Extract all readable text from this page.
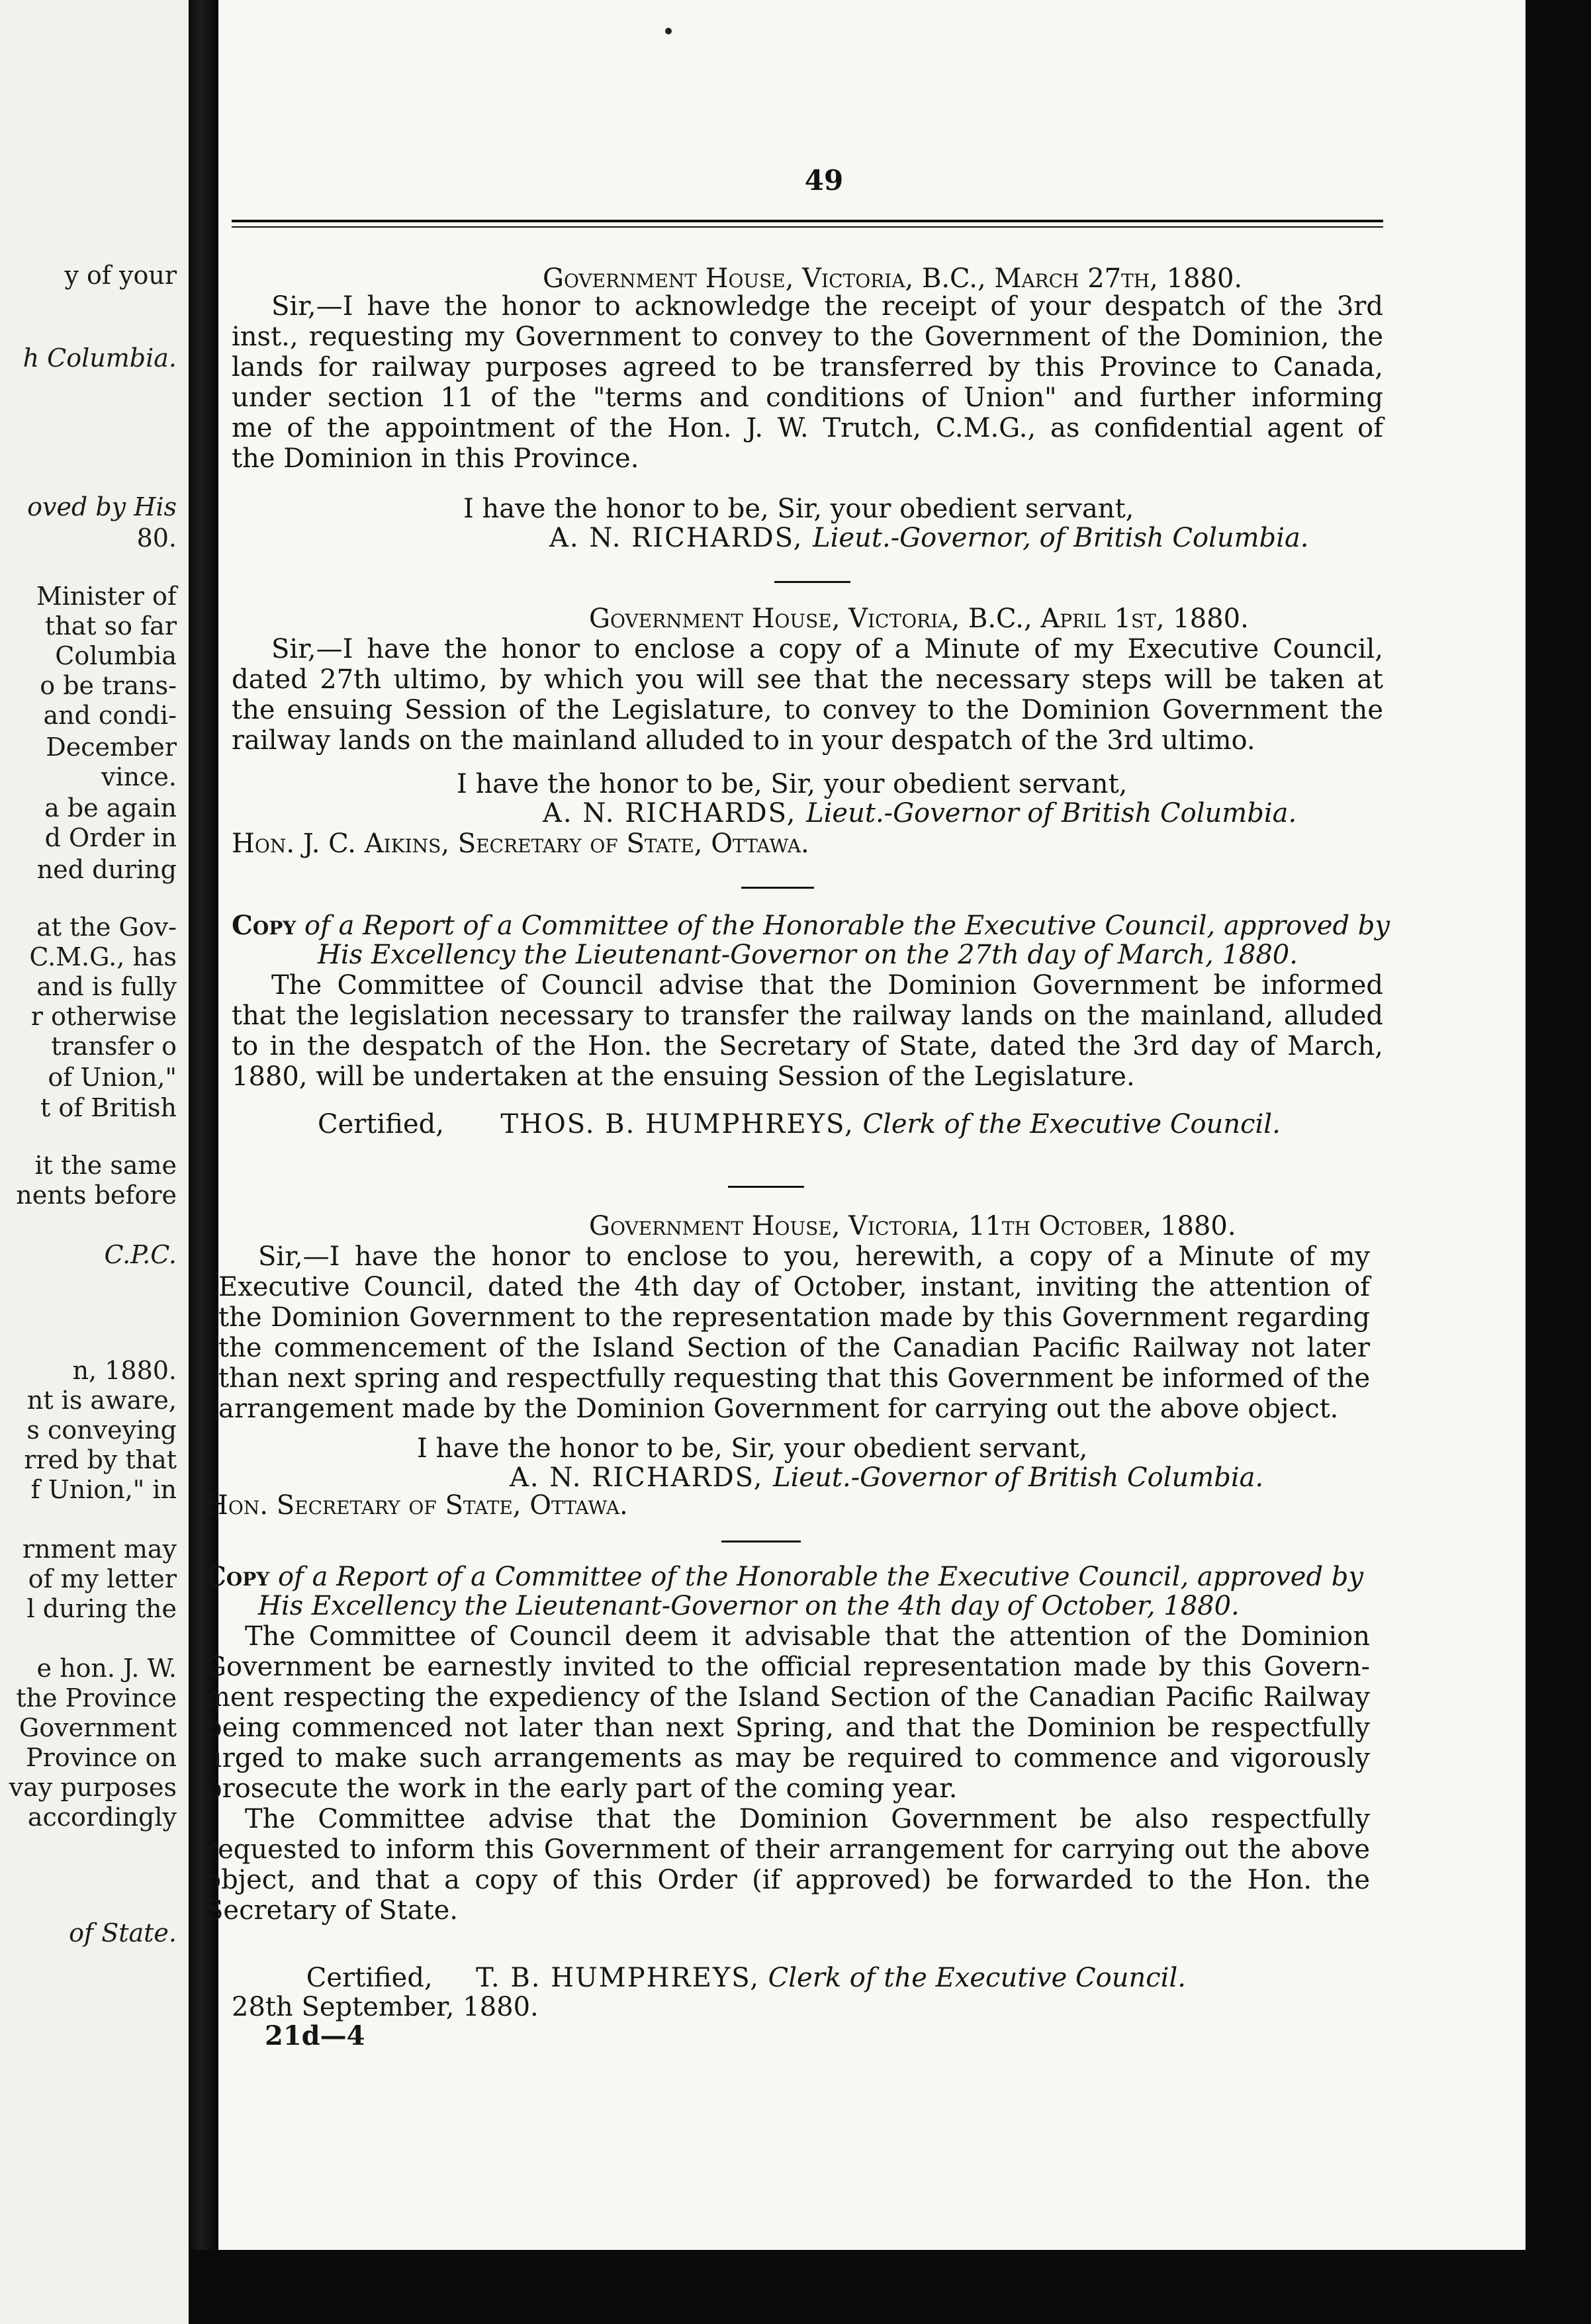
y of your
h Columbia.
oved by His
80.
Minister of
that so far
Columbia
o be trans-
and condi-
December
vince.
a be again
d Order in
ned during
at the Gov-
C.M.G., has
and is fully
r otherwise
transfer o
of Union,"
t of British
it the same
nents before
C.P.C.
n, 1880.
nt is aware,
s conveying
rred by that
f Union," in
rnment may
of my letter
l during the
e hon. J. W.
the Province
Government
Province on
vay purposes
accordingly
of State.
49
Government House, Victoria, B.C., March 27th, 1880.
Sir,—I have the honor to acknowledge the receipt of your despatch of the 3rd
inst., requesting my Government to convey to the Government of the Dominion, the
lands for railway purposes agreed to be transferred by this Province to Canada,
under section 11 of the "terms and conditions of Union" and further informing
me of the appointment of the Hon. J. W. Trutch, C.M.G., as confidential agent of
the Dominion in this Province.
I have the honor to be, Sir, your obedient servant,
A. N. RICHARDS, Lieut.-Governor, of British Columbia.
Government House, Victoria, B.C., April 1st, 1880.
Sir,—I have the honor to enclose a copy of a Minute of my Executive Council,
dated 27th ultimo, by which you will see that the necessary steps will be taken at
the ensuing Session of the Legislature, to convey to the Dominion Government the
railway lands on the mainland alluded to in your despatch of the 3rd ultimo.
I have the honor to be, Sir, your obedient servant,
A. N. RICHARDS, Lieut.-Governor of British Columbia.
Hon. J. C. Aikins, Secretary of State, Ottawa.
Copy of a Report of a Committee of the Honorable the Executive Council, approved by
His Excellency the Lieutenant-Governor on the 27th day of March, 1880.
The Committee of Council advise that the Dominion Government be informed
that the legislation necessary to transfer the railway lands on the mainland, alluded
to in the despatch of the Hon. the Secretary of State, dated the 3rd day of March,
1880, will be undertaken at the ensuing Session of the Legislature.
Certified, THOS. B. HUMPHREYS, Clerk of the Executive Council.
Government House, Victoria, 11th October, 1880.
Sir,—I have the honor to enclose to you, herewith, a copy of a Minute of my
Executive Council, dated the 4th day of October, instant, inviting the attention of
the Dominion Government to the representation made by this Government regarding
the commencement of the Island Section of the Canadian Pacific Railway not later
than next spring and respectfully requesting that this Government be informed of the
arrangement made by the Dominion Government for carrying out the above object.
I have the honor to be, Sir, your obedient servant,
A. N. RICHARDS, Lieut.-Governor of British Columbia.
Hon. Secretary of State, Ottawa.
Copy of a Report of a Committee of the Honorable the Executive Council, approved by
His Excellency the Lieutenant-Governor on the 4th day of October, 1880.
The Committee of Council deem it advisable that the attention of the Dominion
Government be earnestly invited to the official representation made by this Govern-
ment respecting the expediency of the Island Section of the Canadian Pacific Railway
being commenced not later than next Spring, and that the Dominion be respectfully
urged to make such arrangements as may be required to commence and vigorously
prosecute the work in the early part of the coming year.
The Committee advise that the Dominion Government be also respectfully
requested to inform this Government of their arrangement for carrying out the above
object, and that a copy of this Order (if approved) be forwarded to the Hon. the
Secretary of State.
Certified, T. B. HUMPHREYS, Clerk of the Executive Council.
28th September, 1880.
21d—4
